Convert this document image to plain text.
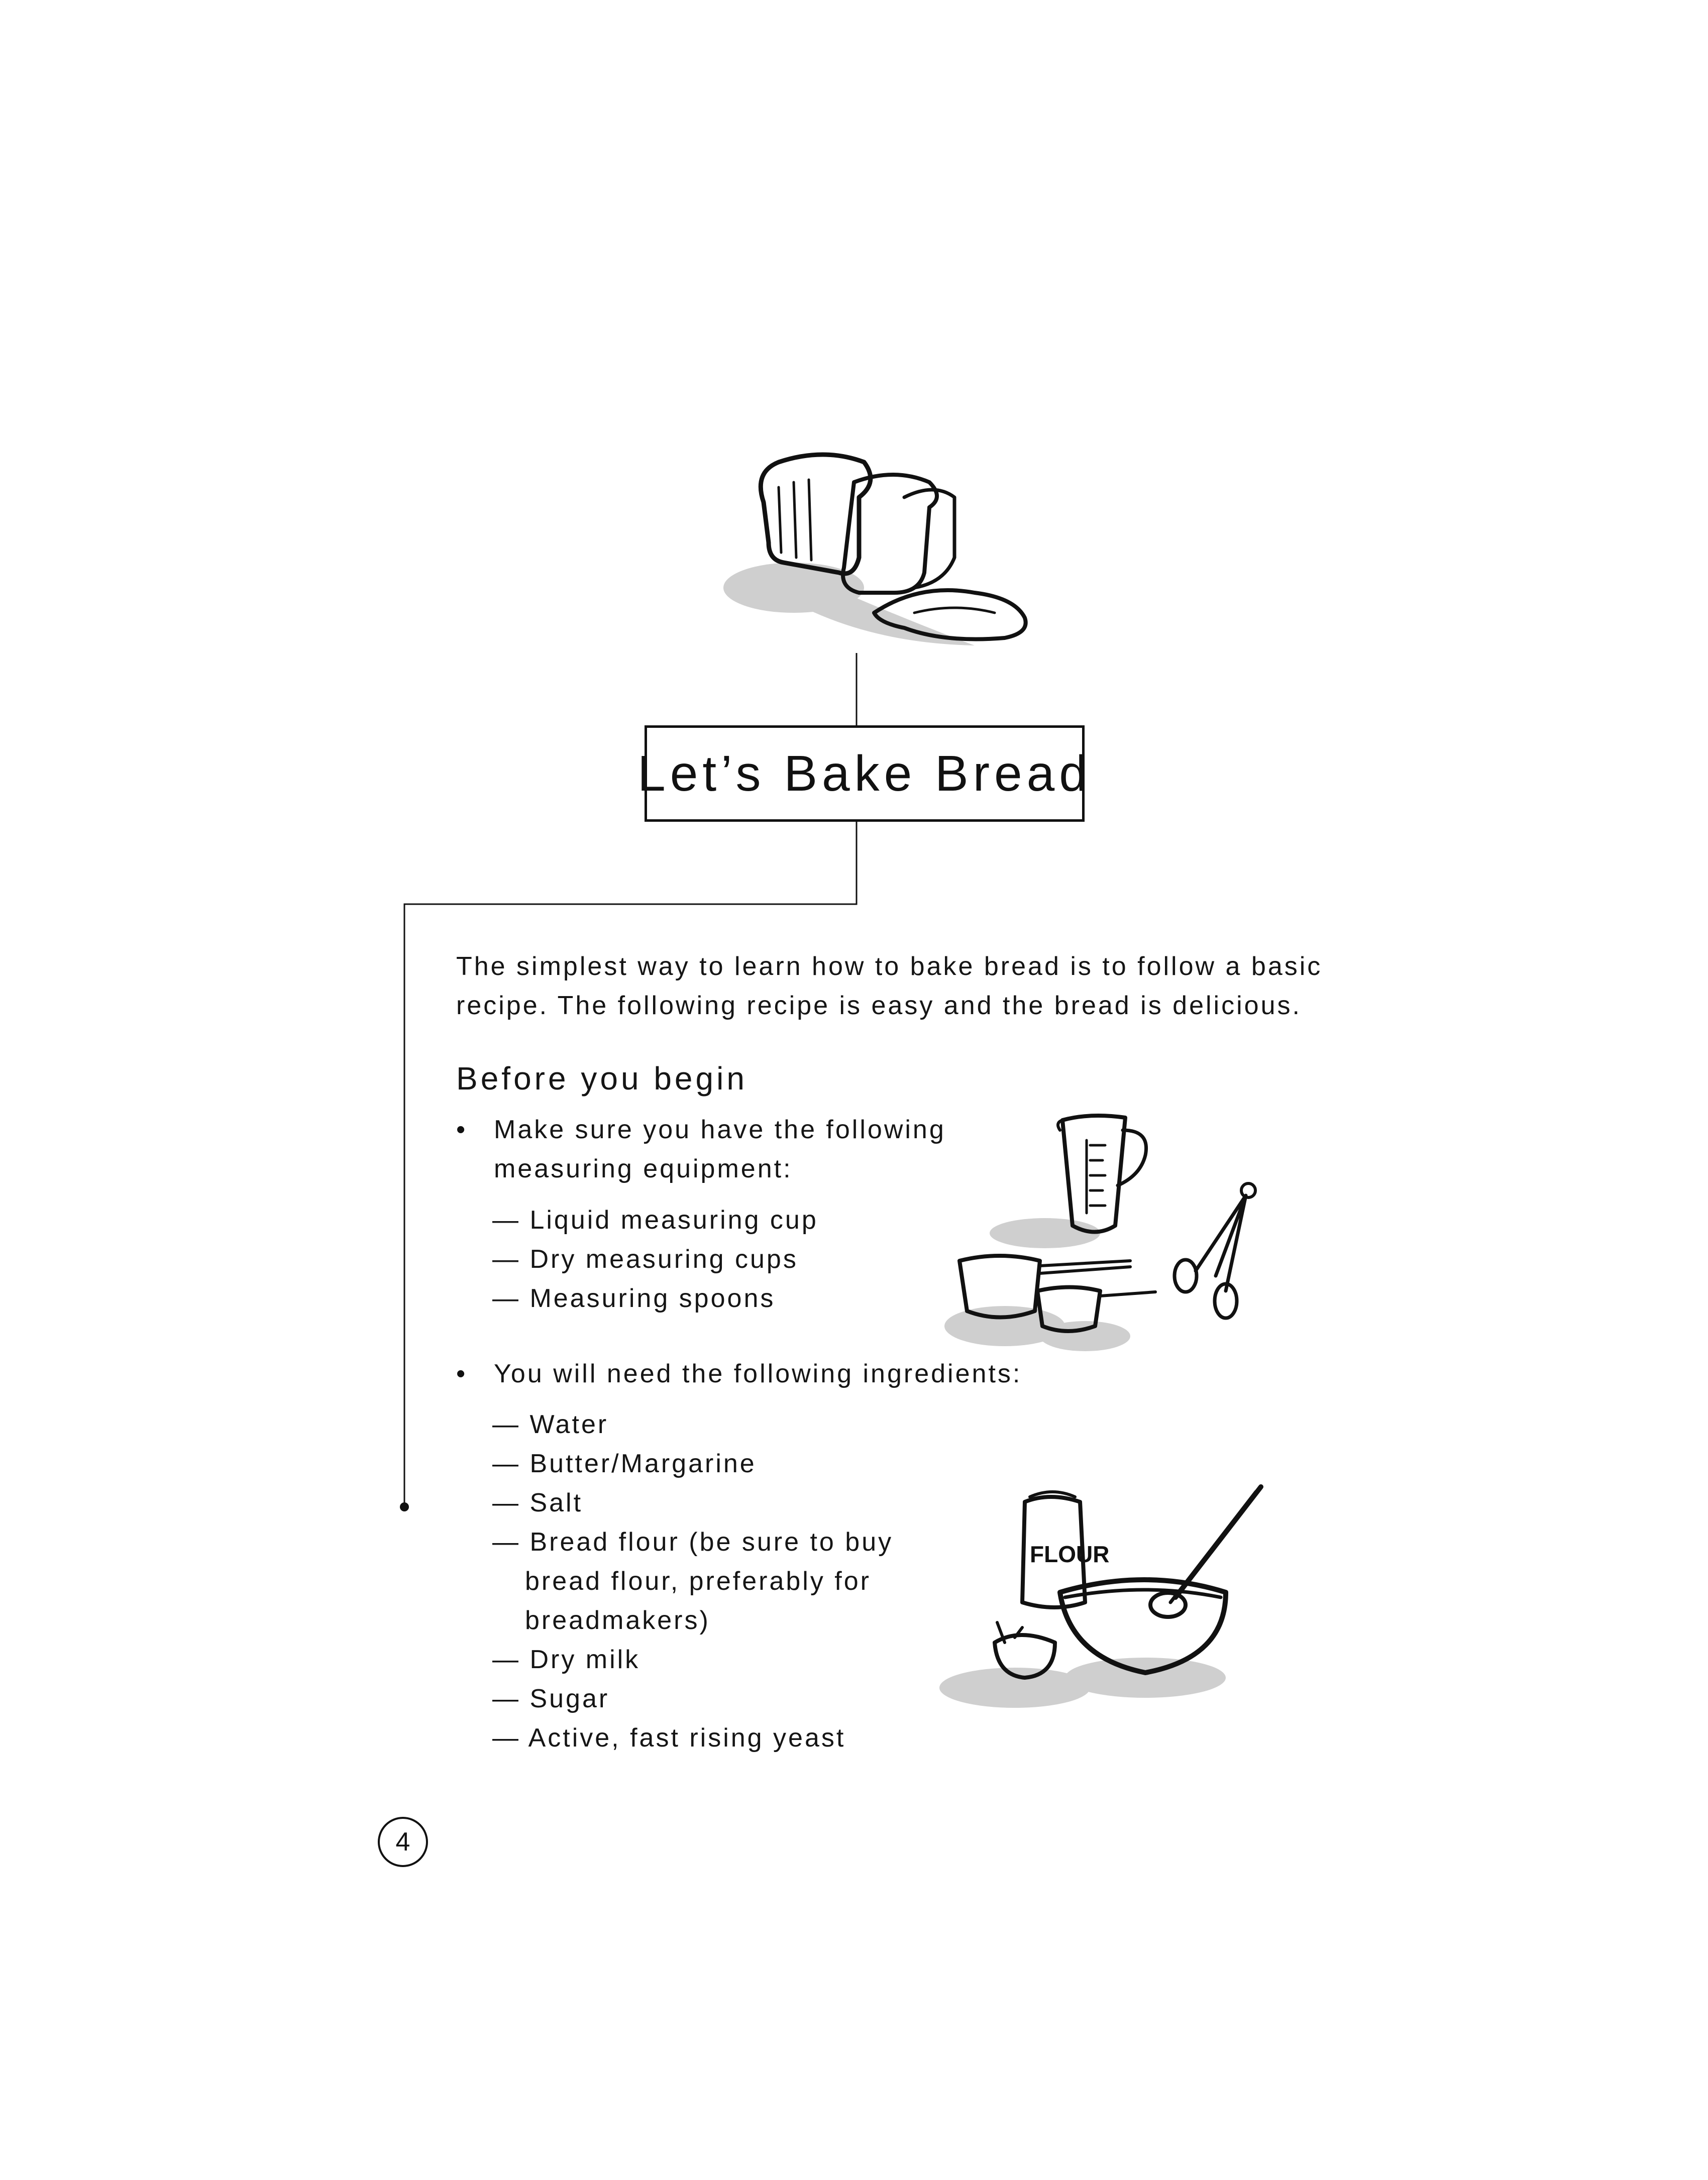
Let’s Bake Bread
The simplest way to learn how to bake bread is to follow a basic
recipe. The following recipe is easy and the bread is delicious.
Before you begin
• Make sure you have the following
measuring equipment:
— Liquid measuring cup
— Dry measuring cups
— Measuring spoons
• You will need the following ingredients:
— Water
— Butter/Margarine
— Salt
— Bread flour (be sure to buy
bread flour, preferably for
breadmakers)
— Dry milk
— Sugar
— Active, fast rising yeast
FLOUR
4
